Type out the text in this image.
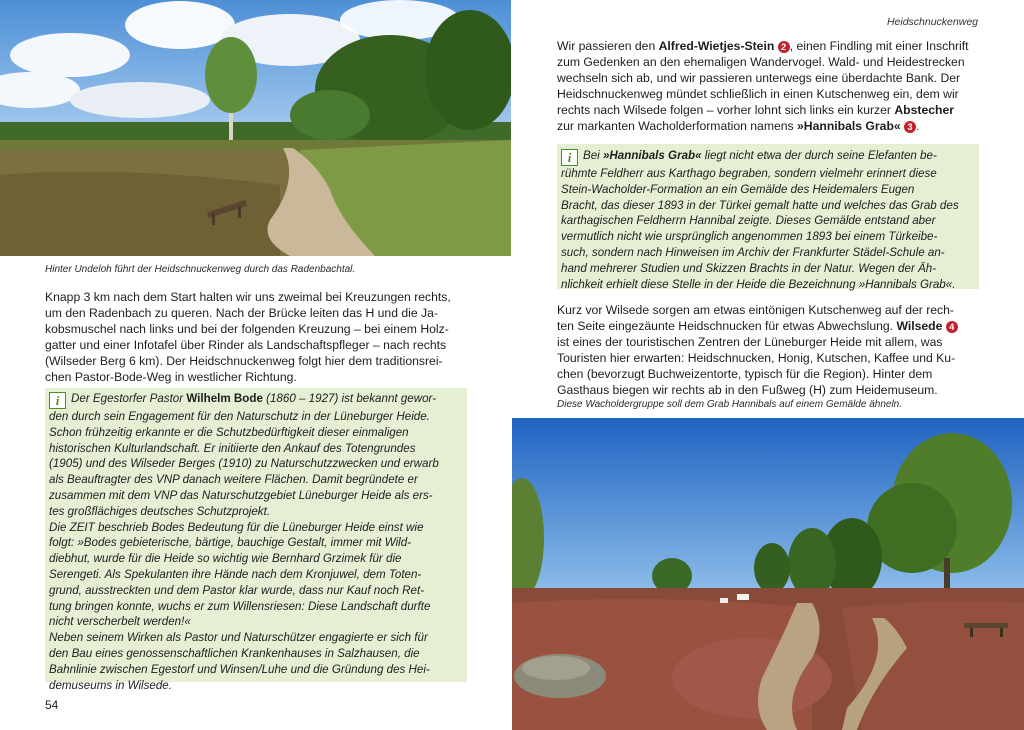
Hinter Undeloh führt der Heidschnuckenweg durch das Radenbachtal.
Knapp 3 km nach dem Start halten wir uns zweimal bei Kreuzungen rechts,
um den Radenbach zu queren. Nach der Brücke leiten das H und die Ja-
kobsmuschel nach links und bei der folgenden Kreuzung – bei einem Holz-
gatter und einer Infotafel über Rinder als Landschaftspfleger – nach rechts
(Wilseder Berg 6 km). Der Heidschnuckenweg folgt hier dem traditionsrei-
chen Pastor-Bode-Weg in westlicher Richtung.
i Der Egestorfer Pastor Wilhelm Bode (1860 – 1927) ist bekannt gewor-
den durch sein Engagement für den Naturschutz in der Lüneburger Heide.
Schon frühzeitig erkannte er die Schutzbedürftigkeit dieser einmaligen
historischen Kulturlandschaft. Er initiierte den Ankauf des Totengrundes
(1905) und des Wilseder Berges (1910) zu Naturschutzzwecken und erwarb
als Beauftragter des VNP danach weitere Flächen. Damit begründete er
zusammen mit dem VNP das Naturschutzgebiet Lüneburger Heide als ers-
tes großflächiges deutsches Schutzprojekt.
Die ZEIT beschrieb Bodes Bedeutung für die Lüneburger Heide einst wie
folgt: »Bodes gebieterische, bärtige, bauchige Gestalt, immer mit Wild-
diebhut, wurde für die Heide so wichtig wie Bernhard Grzimek für die
Serengeti. Als Spekulanten ihre Hände nach dem Kronjuwel, dem Toten-
grund, ausstreckten und dem Pastor klar wurde, dass nur Kauf noch Ret-
tung bringen konnte, wuchs er zum Willensriesen: Diese Landschaft durfte
nicht verscherbelt werden!«
Neben seinem Wirken als Pastor und Naturschützer engagierte er sich für
den Bau eines genossenschaftlichen Krankenhauses in Salzhausen, die
Bahnlinie zwischen Egestorf und Winsen/Luhe und die Gründung des Hei-
demuseums in Wilsede.
54
Heidschnuckenweg
Wir passieren den Alfred-Wietjes-Stein 2 , einen Findling mit einer Inschrift
zum Gedenken an den ehemaligen Wandervogel. Wald- und Heidestrecken
wechseln sich ab, und wir passieren unterwegs eine überdachte Bank. Der
Heidschnuckenweg mündet schließlich in einen Kutschenweg ein, dem wir
rechts nach Wilsede folgen – vorher lohnt sich links ein kurzer Abstecher
zur markanten Wacholderformation namens »Hannibals Grab« 3 .
i Bei »Hannibals Grab« liegt nicht etwa der durch seine Elefanten be-
rühmte Feldherr aus Karthago begraben, sondern vielmehr erinnert diese
Stein-Wacholder-Formation an ein Gemälde des Heidemalers Eugen
Bracht, das dieser 1893 in der Türkei gemalt hatte und welches das Grab des
karthagischen Feldherrn Hannibal zeigte. Dieses Gemälde entstand aber
vermutlich nicht wie ursprünglich angenommen 1893 bei einem Türkeibe-
such, sondern nach Hinweisen im Archiv der Frankfurter Städel-Schule an-
hand mehrerer Studien und Skizzen Brachts in der Natur. Wegen der Äh-
nlichkeit erhielt diese Stelle in der Heide die Bezeichnung »Hannibals Grab«.
Kurz vor Wilsede sorgen am etwas eintönigen Kutschenweg auf der rech-
ten Seite eingezäunte Heidschnucken für etwas Abwechslung. Wilsede 4
ist eines der touristischen Zentren der Lüneburger Heide mit allem, was
Touristen hier erwarten: Heidschnucken, Honig, Kutschen, Kaffee und Ku-
chen (bevorzugt Buchweizentorte, typisch für die Region). Hinter dem
Gasthaus biegen wir rechts ab in den Fußweg (H) zum Heidemuseum.
Diese Wacholdergruppe soll dem Grab Hannibals auf einem Gemälde ähneln.
